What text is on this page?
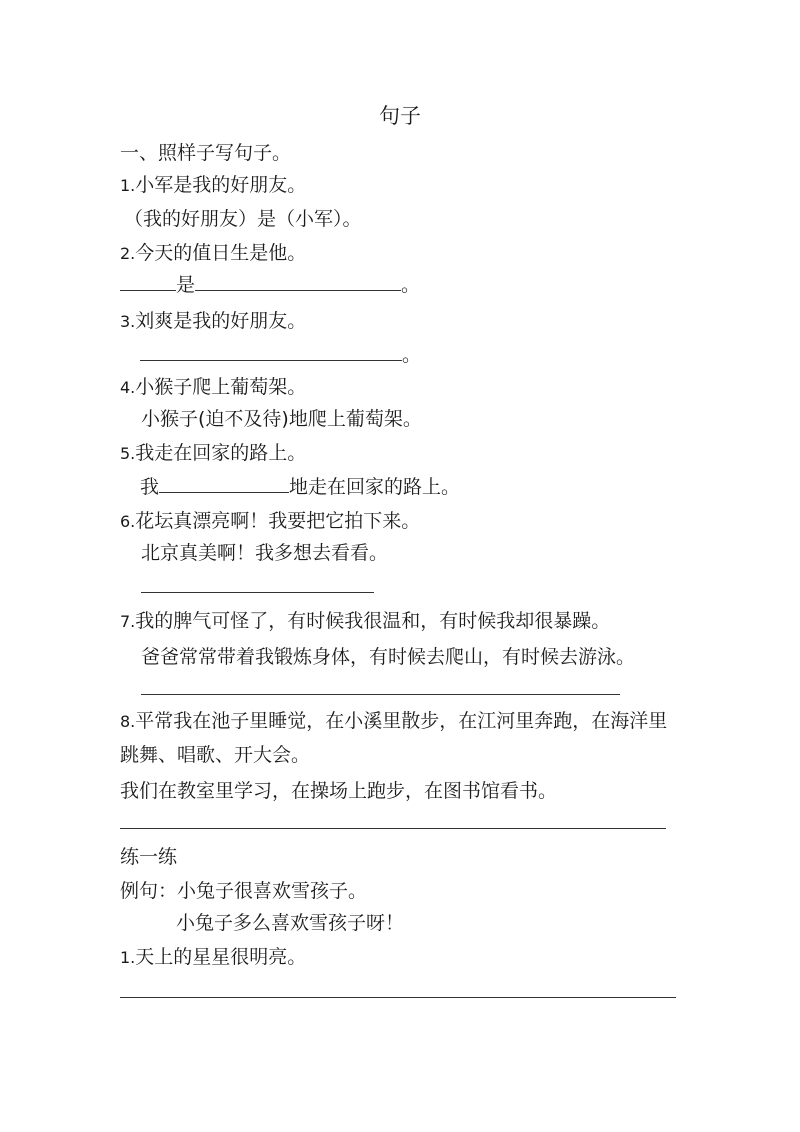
句子
一、照样子写句子。
1.小军是我的好朋友。
（我的好朋友）是（小军）。
2.今天的值日生是他。
是	。
3.刘爽是我的好朋友。
。
4.小猴子爬上葡萄架。
小猴子(迫不及待)地爬上葡萄架。
5.我走在回家的路上。
我	地走在回家的路上。
6.花坛真漂亮啊！我要把它拍下来。
北京真美啊！我多想去看看。
7.我的脾气可怪了，有时候我很温和，有时候我却很暴躁。
爸爸常常带着我锻炼身体，有时候去爬山，有时候去游泳。
8.平常我在池子里睡觉，在小溪里散步，在江河里奔跑，在海洋里
跳舞、唱歌、开大会。
我们在教室里学习，在操场上跑步，在图书馆看书。
练一练
例句：小兔子很喜欢雪孩子。
小兔子多么喜欢雪孩子呀！
1.天上的星星很明亮。
